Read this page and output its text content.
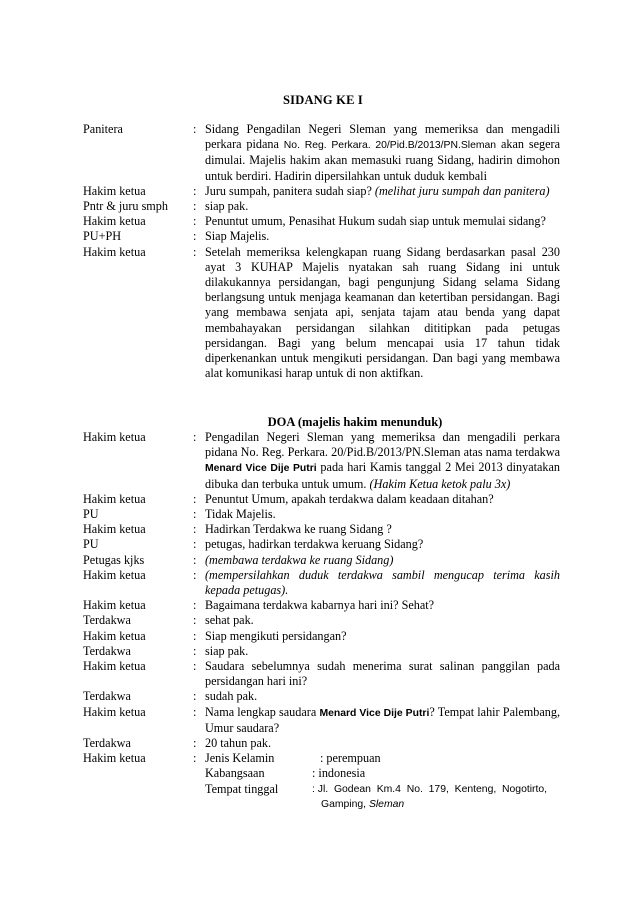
SIDANG KE I
Panitera	: Sidang Pengadilan Negeri Sleman yang memeriksa dan mengadili perkara pidana No. Reg. Perkara. 20/Pid.B/2013/PN.Sleman akan segera dimulai. Majelis hakim akan memasuki ruang Sidang, hadirin dimohon untuk berdiri. Hadirin dipersilahkan untuk duduk kembali
Hakim ketua	: Juru sumpah, panitera sudah siap? (melihat juru sumpah dan panitera)
Pntr & juru smph	: siap pak.
Hakim ketua	: Penuntut umum, Penasihat Hukum sudah siap untuk memulai sidang?
PU+PH	: Siap Majelis.
Hakim ketua	: Setelah memeriksa kelengkapan ruang Sidang berdasarkan pasal 230 ayat 3 KUHAP Majelis nyatakan sah ruang Sidang ini untuk dilakukannya persidangan, bagi pengunjung Sidang selama Sidang berlangsung untuk menjaga keamanan dan ketertiban persidangan. Bagi yang membawa senjata api, senjata tajam atau benda yang dapat membahayakan persidangan silahkan dititipkan pada petugas persidangan. Bagi yang belum mencapai usia 17 tahun tidak diperkenankan untuk mengikuti persidangan. Dan bagi yang membawa alat komunikasi harap untuk di non aktifkan.
DOA (majelis hakim menunduk)
Hakim ketua	: Pengadilan Negeri Sleman yang memeriksa dan mengadili perkara pidana No. Reg. Perkara. 20/Pid.B/2013/PN.Sleman atas nama terdakwa Menard Vice Dije Putri pada hari Kamis tanggal 2 Mei 2013 dinyatakan dibuka dan terbuka untuk umum. (Hakim Ketua ketok palu 3x)
Hakim ketua	: Penuntut Umum, apakah terdakwa dalam keadaan ditahan?
PU	: Tidak Majelis.
Hakim ketua	: Hadirkan Terdakwa ke ruang Sidang ?
PU	: petugas, hadirkan terdakwa keruang Sidang?
Petugas kjks	: (membawa terdakwa ke ruang Sidang)
Hakim ketua	: (mempersilahkan duduk terdakwa sambil mengucap terima kasih kepada petugas).
Hakim ketua	: Bagaimana terdakwa kabarnya hari ini? Sehat?
Terdakwa	: sehat pak.
Hakim ketua	: Siap mengikuti persidangan?
Terdakwa	: siap pak.
Hakim ketua	: Saudara sebelumnya sudah menerima surat salinan panggilan pada persidangan hari ini?
Terdakwa	: sudah pak.
Hakim ketua	: Nama lengkap saudara Menard Vice Dije Putri? Tempat lahir Palembang, Umur saudara?
Terdakwa	: 20 tahun pak.
Hakim ketua	: Jenis Kelamin	: perempuan
Kabangsaan	: indonesia
Tempat tinggal	: Jl.  Godean  Km.4  No.  179,  Kenteng,  Nogotirto,
Gamping, Sleman
